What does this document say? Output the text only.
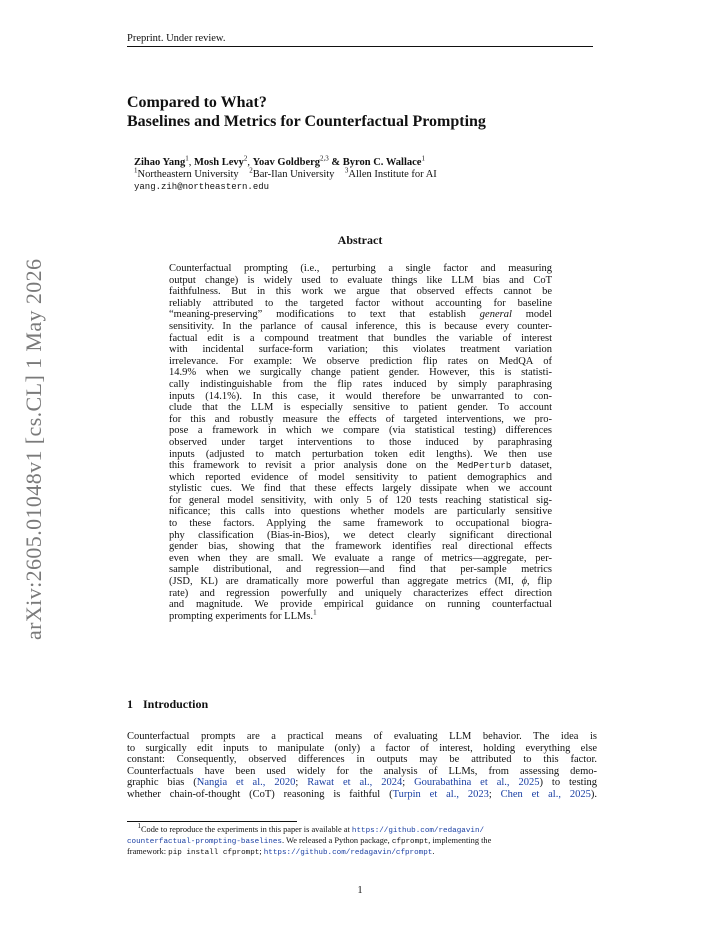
Preprint. Under review.
arXiv:2605.01048v1 [cs.CL] 1 May 2026
Compared to What?
Baselines and Metrics for Counterfactual Prompting
Zihao Yang$^1$, Mosh Levy$^2$, Yoav Goldberg$^{2,3}$ & Byron C. Wallace$^1$
$^1$Northeastern University $^2$Bar-Ilan University $^3$Allen Institute for AI
yang.zih@northeastern.edu
Abstract
Counterfactual prompting (i.e., perturbing a single factor and measuring
output change) is widely used to evaluate things like LLM bias and CoT
faithfulness. But in this work we argue that observed effects cannot be
reliably attributed to the targeted factor without accounting for baseline
“meaning-preserving” modifications to text that establish general model
sensitivity. In the parlance of causal inference, this is because every counter-
factual edit is a compound treatment that bundles the variable of interest
with incidental surface-form variation; this violates treatment variation
irrelevance. For example: We observe prediction flip rates on MedQA of
14.9% when we surgically change patient gender. However, this is statisti-
cally indistinguishable from the flip rates induced by simply paraphrasing
inputs (14.1%). In this case, it would therefore be unwarranted to con-
clude that the LLM is especially sensitive to patient gender. To account
for this and robustly measure the effects of targeted interventions, we pro-
pose a framework in which we compare (via statistical testing) differences
observed under target interventions to those induced by paraphrasing
inputs (adjusted to match perturbation token edit lengths). We then use
this framework to revisit a prior analysis done on the MedPerturb dataset,
which reported evidence of model sensitivity to patient demographics and
stylistic cues. We find that these effects largely dissipate when we account
for general model sensitivity, with only 5 of 120 tests reaching statistical sig-
nificance; this calls into questions whether models are particularly sensitive
to these factors. Applying the same framework to occupational biogra-
phy classification (Bias-in-Bios), we detect clearly significant directional
gender bias, showing that the framework identifies real directional effects
even when they are small. We evaluate a range of metrics—aggregate, per-
sample distributional, and regression—and find that per-sample metrics
(JSD, KL) are dramatically more powerful than aggregate metrics (MI, ϕ, flip
rate) and regression powerfully and uniquely characterizes effect direction
and magnitude. We provide empirical guidance on running counterfactual
prompting experiments for LLMs.$^1$
1 Introduction
Counterfactual prompts are a practical means of evaluating LLM behavior. The idea is
to surgically edit inputs to manipulate (only) a factor of interest, holding everything else
constant: Consequently, observed differences in outputs may be attributed to this factor.
Counterfactuals have been used widely for the analysis of LLMs, from assessing demo-
graphic bias (Nangia et al., 2020; Rawat et al., 2024; Gourabathina et al., 2025) to testing
whether chain-of-thought (CoT) reasoning is faithful (Turpin et al., 2023; Chen et al., 2025).
$^1$Code to reproduce the experiments in this paper is available at https://github.com/redagavin/
counterfactual-prompting-baselines. We released a Python package, cfprompt, implementing the
framework: pip install cfprompt; https://github.com/redagavin/cfprompt.
1
